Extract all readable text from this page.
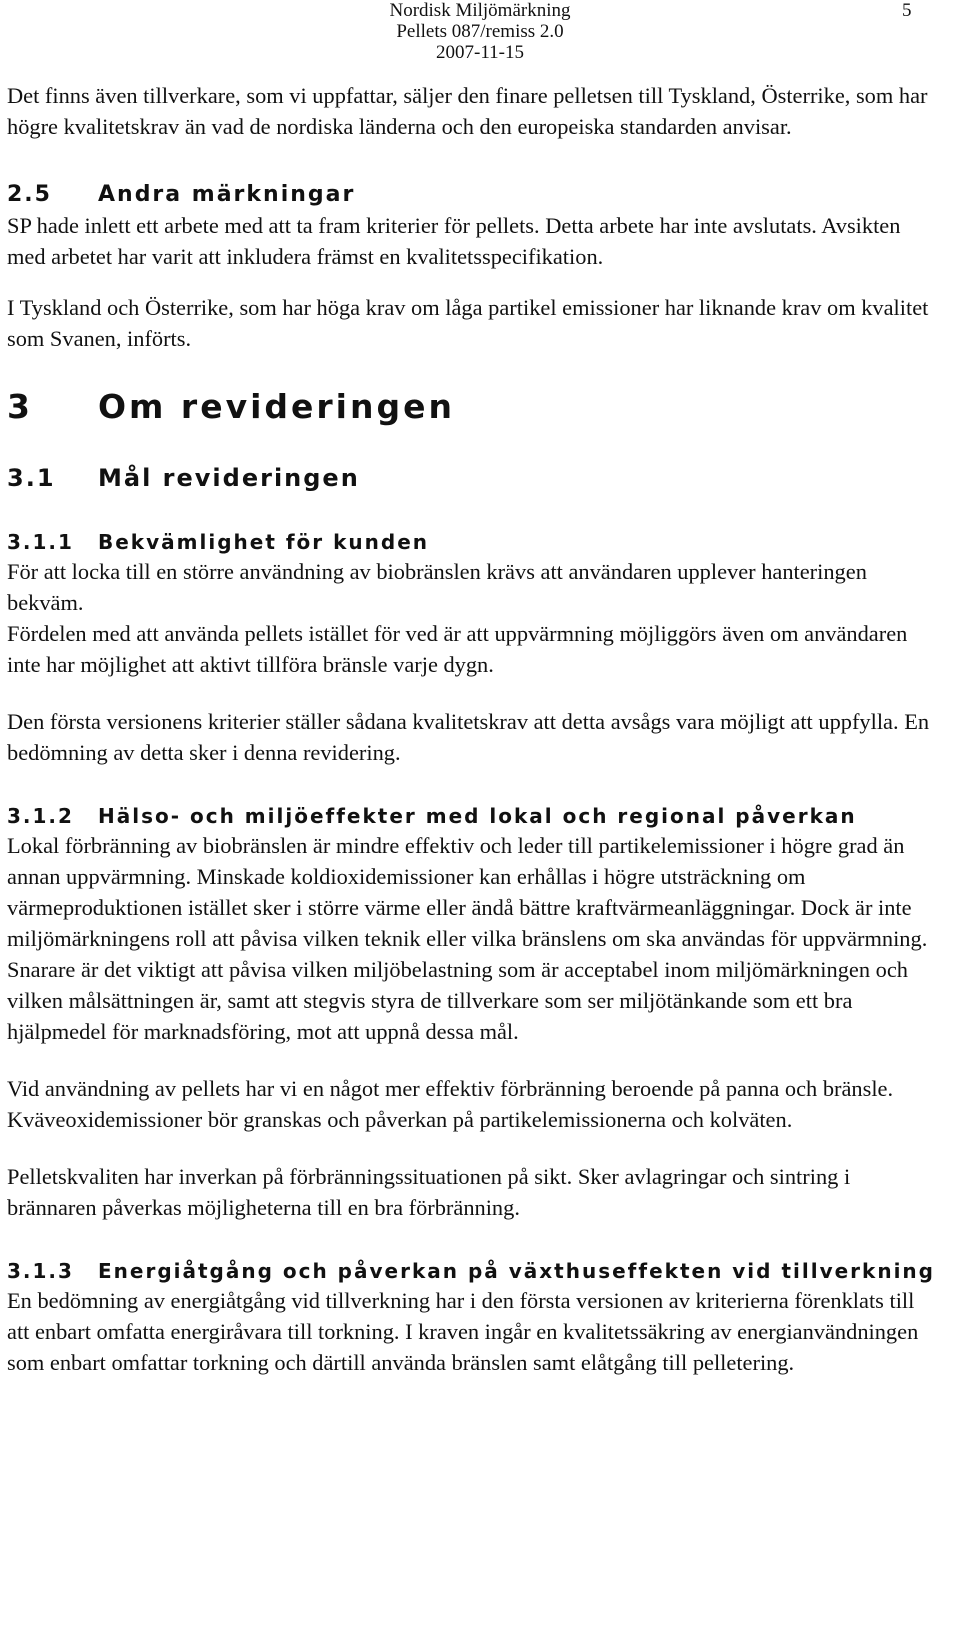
Nordisk Miljömärkning
Pellets 087/remiss 2.0
2007-11-15
5

Det finns även tillverkare, som vi uppfattar, säljer den finare pelletsen till Tyskland, Österrike, som har högre kvalitetskrav än vad de nordiska länderna och den europeiska standarden anvisar.

2.5	Andra märkningar

SP hade inlett ett arbete med att ta fram kriterier för pellets. Detta arbete har inte avslutats. Avsikten med arbetet har varit att inkludera främst en kvalitetsspecifikation.

I Tyskland och Österrike, som har höga krav om låga partikel emissioner har liknande krav om kvalitet som Svanen, införts.

3	Om revideringen
3.1	Mål revideringen
3.1.1	Bekvämlighet för kunden

För att locka till en större användning av biobränslen krävs att användaren upplever hanteringen bekväm.

Fördelen med att använda pellets istället för ved är att uppvärmning möjliggörs även om användaren inte har möjlighet att aktivt tillföra bränsle varje dygn.

Den första versionens kriterier ställer sådana kvalitetskrav att detta avsågs vara möjligt att uppfylla. En bedömning av detta sker i denna revidering.

3.1.2	Hälso- och miljöeffekter med lokal och regional påverkan

Lokal förbränning av biobränslen är mindre effektiv och leder till partikelemissioner i högre grad än annan uppvärmning. Minskade koldioxidemissioner kan erhållas i högre utsträckning om värmeproduktionen istället sker i större värme eller ändå bättre kraftvärmeanläggningar. Dock är inte miljömärkningens roll att påvisa vilken teknik eller vilka bränslens om ska användas för uppvärmning. Snarare är det viktigt att påvisa vilken miljöbelastning som är acceptabel inom miljömärkningen och vilken målsättningen är, samt att stegvis styra de tillverkare som ser miljötänkande som ett bra hjälpmedel för marknadsföring, mot att uppnå dessa mål.

Vid användning av pellets har vi en något mer effektiv förbränning beroende på panna och bränsle. Kväveoxidemissioner bör granskas och påverkan på partikelemissionerna och kolväten.

Pelletskvaliten har inverkan på förbränningssituationen på sikt. Sker avlagringar och sintring i brännaren påverkas möjligheterna till en bra förbränning.

3.1.3	Energiåtgång och påverkan på växthuseffekten vid tillverkning

En bedömning av energiåtgång vid tillverkning har i den första versionen av kriterierna förenklats till att enbart omfatta energiråvara till torkning. I kraven ingår en kvalitetssäkring av energianvändningen som enbart omfattar torkning och därtill använda bränslen samt elåtgång till pelletering.
